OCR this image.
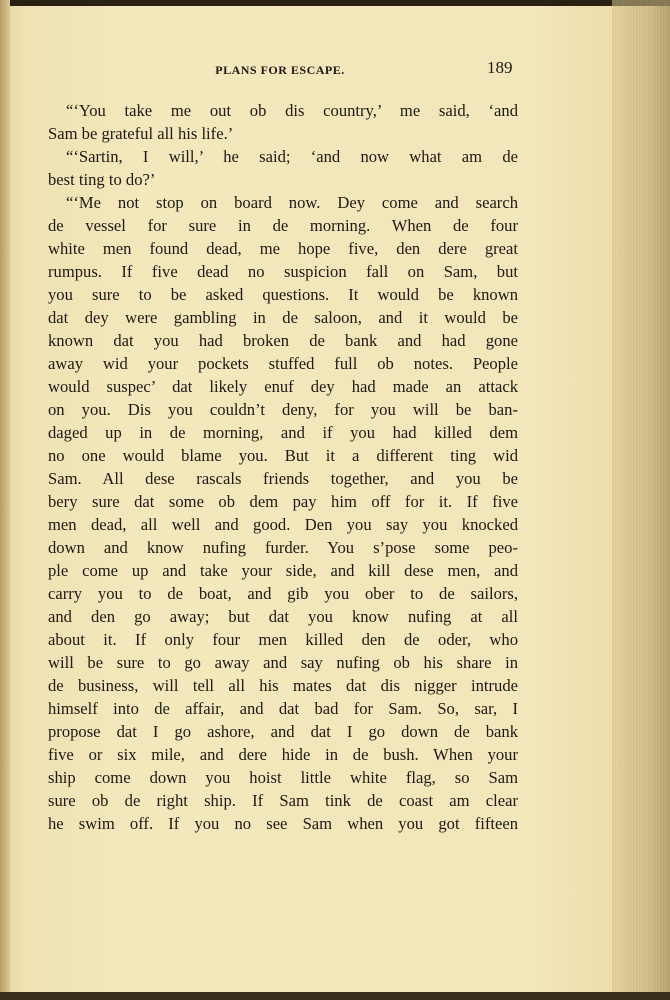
PLANS FOR ESCAPE.	189
“‘You take me out ob dis country,’ me said, ‘and
Sam be grateful all his life.’
“‘Sartin, I will,’ he said; ‘and now what am de
best ting to do?’
“‘Me not stop on board now. Dey come and search
de vessel for sure in de morning. When de four
white men found dead, me hope five, den dere great
rumpus. If five dead no suspicion fall on Sam, but
you sure to be asked questions. It would be known
dat dey were gambling in de saloon, and it would be
known dat you had broken de bank and had gone
away wid your pockets stuffed full ob notes. People
would suspec’ dat likely enuf dey had made an attack
on you. Dis you couldn’t deny, for you will be ban-
daged up in de morning, and if you had killed dem
no one would blame you. But it a different ting wid
Sam. All dese rascals friends together, and you be
bery sure dat some ob dem pay him off for it. If five
men dead, all well and good. Den you say you knocked
down and know nufing furder. You s’pose some peo-
ple come up and take your side, and kill dese men, and
carry you to de boat, and gib you ober to de sailors,
and den go away; but dat you know nufing at all
about it. If only four men killed den de oder, who
will be sure to go away and say nufing ob his share in
de business, will tell all his mates dat dis nigger intrude
himself into de affair, and dat bad for Sam. So, sar, I
propose dat I go ashore, and dat I go down de bank
five or six mile, and dere hide in de bush. When your
ship come down you hoist little white flag, so Sam
sure ob de right ship. If Sam tink de coast am clear
he swim off. If you no see Sam when you got fifteen
